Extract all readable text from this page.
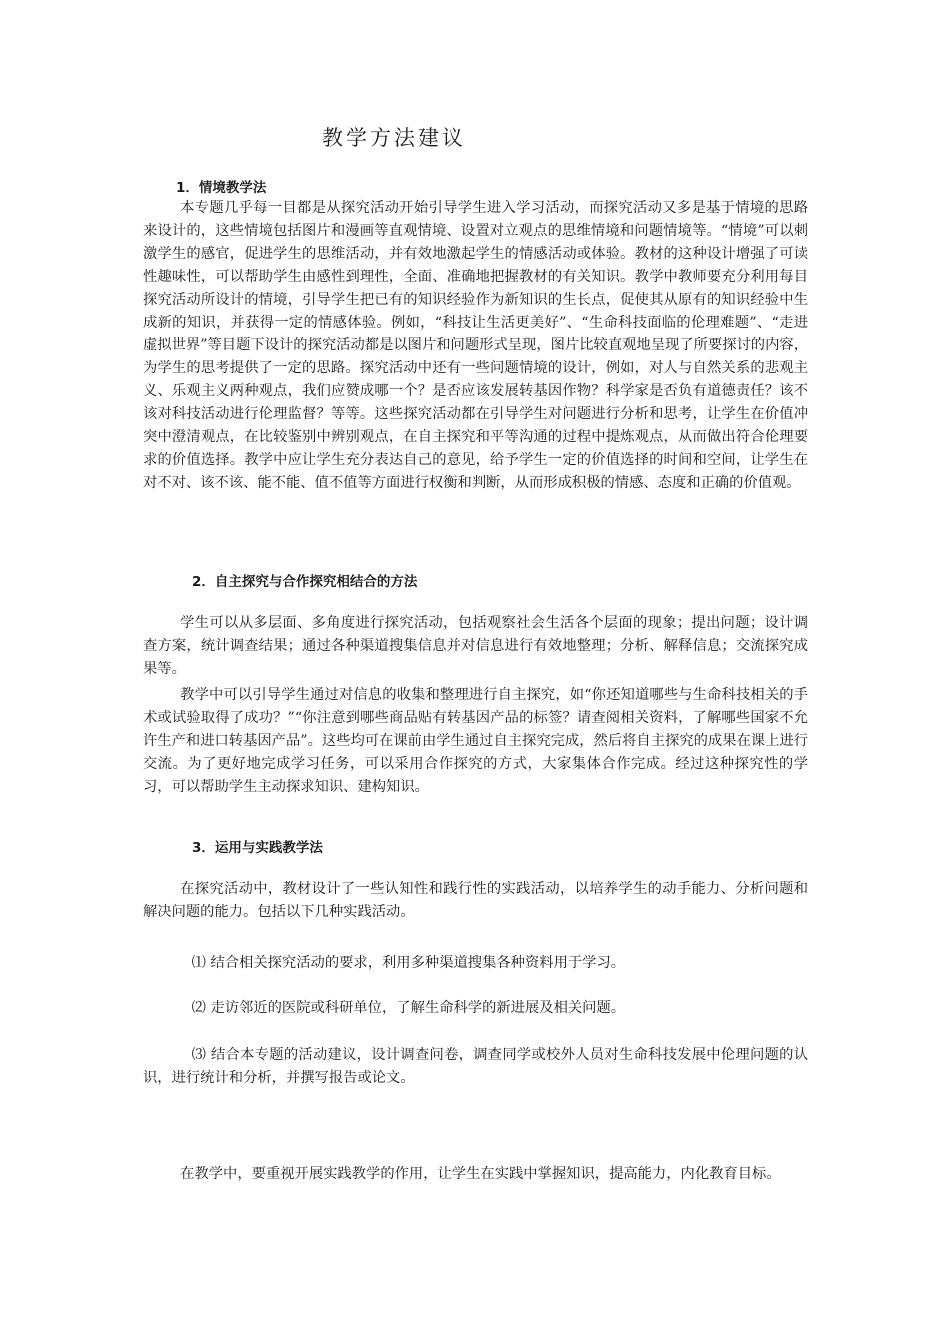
教学方法建议
1．情境教学法

本专题几乎每一目都是从探究活动开始引导学生进入学习活动，而探究活动又多是基于情境的思路来设计的，这些情境包括图片和漫画等直观情境、设置对立观点的思维情境和问题情境等。“情境”可以刺激学生的感官，促进学生的思维活动，并有效地激起学生的情感活动或体验。教材的这种设计增强了可读性趣味性，可以帮助学生由感性到理性，全面、准确地把握教材的有关知识。教学中教师要充分利用每目探究活动所设计的情境，引导学生把已有的知识经验作为新知识的生长点，促使其从原有的知识经验中生成新的知识，并获得一定的情感体验。例如，“科技让生活更美好”、“生命科技面临的伦理难题”、“走进虚拟世界”等目题下设计的探究活动都是以图片和问题形式呈现，图片比较直观地呈现了所要探讨的内容，为学生的思考提供了一定的思路。探究活动中还有一些问题情境的设计，例如，对人与自然关系的悲观主义、乐观主义两种观点，我们应赞成哪一个？是否应该发展转基因作物？科学家是否负有道德责任？该不该对科技活动进行伦理监督？等等。这些探究活动都在引导学生对问题进行分析和思考，让学生在价值冲突中澄清观点，在比较鉴别中辨别观点，在自主探究和平等沟通的过程中提炼观点，从而做出符合伦理要求的价值选择。教学中应让学生充分表达自己的意见，给予学生一定的价值选择的时间和空间，让学生在对不对、该不该、能不能、值不值等方面进行权衡和判断，从而形成积极的情感、态度和正确的价值观。

2．自主探究与合作探究相结合的方法

学生可以从多层面、多角度进行探究活动，包括观察社会生活各个层面的现象；提出问题；设计调查方案，统计调查结果；通过各种渠道搜集信息并对信息进行有效地整理；分析、解释信息；交流探究成果等。

教学中可以引导学生通过对信息的收集和整理进行自主探究，如“你还知道哪些与生命科技相关的手术或试验取得了成功？”“你注意到哪些商品贴有转基因产品的标签？请查阅相关资料，了解哪些国家不允许生产和进口转基因产品”。这些均可在课前由学生通过自主探究完成，然后将自主探究的成果在课上进行交流。为了更好地完成学习任务，可以采用合作探究的方式，大家集体合作完成。经过这种探究性的学习，可以帮助学生主动探求知识、建构知识。

3．运用与实践教学法

在探究活动中，教材设计了一些认知性和践行性的实践活动，以培养学生的动手能力、分析问题和解决问题的能力。包括以下几种实践活动。

⑴ 结合相关探究活动的要求，利用多种渠道搜集各种资料用于学习。

⑵ 走访邻近的医院或科研单位，了解生命科学的新进展及相关问题。

⑶ 结合本专题的活动建议，设计调查问卷，调查同学或校外人员对生命科技发展中伦理问题的认识，进行统计和分析，并撰写报告或论文。

在教学中，要重视开展实践教学的作用，让学生在实践中掌握知识，提高能力，内化教育目标。
